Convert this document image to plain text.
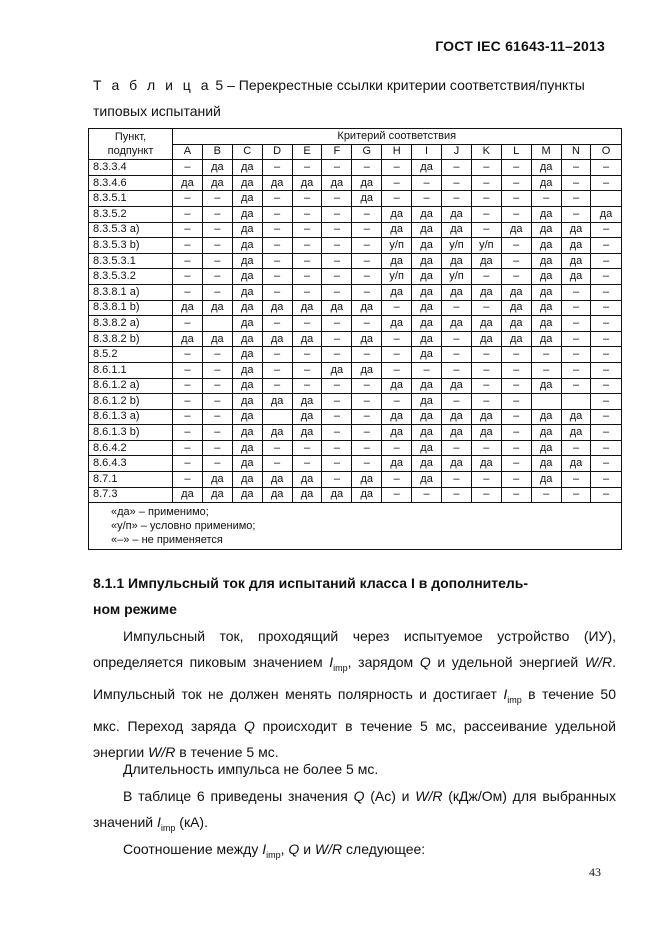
ГОСТ IEC 61643-11–2013
Т а б л и ц а 5 – Перекрестные ссылки критерии соответствия/пункты
типовых испытаний
Пункт,
подпункт	Критерий соответствия														
	A	B	C	D	E	F	G	H	I	J	K	L	M	N	O
8.3.3.4	–	да	да	–	–	–	–	–	да	–	–	–	да	–	–
8.3.4.6	да	да	да	да	да	да	да	–	–	–	–	–	да	–	–
8.3.5.1	–	–	да	–	–	–	да	–	–	–	–	–	–	–	
8.3.5.2	–	–	да	–	–	–	–	да	да	да	–	–	да	–	да
8.3.5.3 a)	–	–	да	–	–	–	–	да	да	да	–	да	да	да	–
8.3.5.3 b)	–	–	да	–	–	–	–	у/п	да	у/п	у/п	–	да	да	–
8.3.5.3.1	–	–	да	–	–	–	–	да	да	да	да	–	да	да	–
8.3.5.3.2	–	–	да	–	–	–	–	у/п	да	у/п	–	–	да	да	–
8.3.8.1 a)	–	–	да	–	–	–	–	да	да	да	да	да	да	–	–
8.3.8.1 b)	да	да	да	да	да	да	да	–	да	–	–	да	да	–	–
8.3.8.2 a)	–		да	–	–	–	–	да	да	да	да	да	да	–	–
8.3.8.2 b)	да	да	да	да	да	–	да	–	да	–	да	да	да	–	–
8.5.2	–	–	да	–	–	–	–	–	да	–	–	–	–	–	–
8.6.1.1	–	–	да	–	–	да	да	–	–	–	–	–	–	–	–
8.6.1.2 a)	–	–	да	–	–	–	–	да	да	да	–	–	да	–	–
8.6.1.2 b)	–	–	да	да	да	–	–	–	да	–	–	–			–
8.6.1.3 a)	–	–	да		да	–	–	да	да	да	да	–	да	да	–
8.6.1.3 b)	–	–	да	да	да	–	–	да	да	да	да	–	да	да	–
8.6.4.2	–	–	да	–	–	–	–	–	да	–	–	–	да	–	–
8.6.4.3	–	–	да	–	–	–	–	да	да	да	да	–	да	да	–
8.7.1	–	да	да	да	да	–	да	–	да	–	–	–	да	–	–
8.7.3	да	да	да	да	да	да	да	–	–	–	–	–	–	–	–

«да» – применимо;
«у/п» – условно применимо;
«–» – не применяется															
8.1.1 Импульсный ток для испытаний класса I в дополнитель-
ном режиме
Импульсный ток, проходящий через испытуемое устройство (ИУ), определяется пиковым значением $I_{imp}$, зарядом Q и удельной энергией W/R. Импульсный ток не должен менять полярность и достигает $I_{imp}$ в течение 50 мкс. Переход заряда Q происходит в течение 5 мс, рассеивание удельной энергии W/R в течение 5 мс.
Длительность импульса не более 5 мс.
В таблице 6 приведены значения Q (Ас) и W/R (кДж/Ом) для выбранных значений $I_{imp}$ (кА).
Соотношение между $I_{imp}$, Q и W/R следующее:
43
